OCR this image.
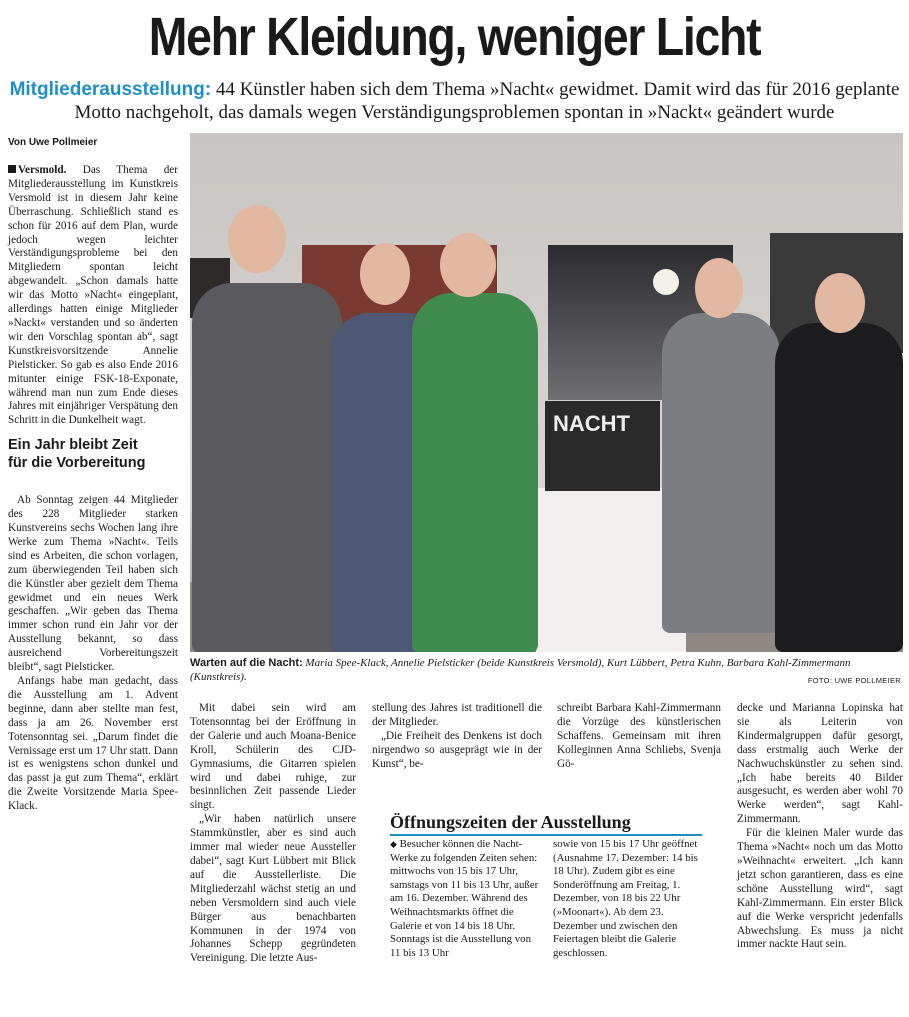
Mehr Kleidung, weniger Licht
Mitgliederausstellung: 44 Künstler haben sich dem Thema »Nacht« gewidmet. Damit wird das für 2016 geplante
Motto nachgeholt, das damals wegen Verständigungsproblemen spontan in »Nackt« geändert wurde
Von Uwe Pollmeier
NACHT
Warten auf die Nacht: Maria Spee-Klack, Annelie Pielsticker (beide Kunstkreis Versmold), Kurt Lübbert, Petra Kuhn, Barbara Kahl-Zimmermann (Kunstkreis).	FOTO: UWE POLLMEIER

Versmold. Das Thema der Mitgliederausstellung im Kunstkreis Versmold ist in diesem Jahr keine Überraschung. Schließlich stand es schon für 2016 auf dem Plan, wurde jedoch wegen leichter Verständigungsprobleme bei den Mitgliedern spontan leicht abgewandelt. „Schon damals hatte wir das Motto »Nacht« eingeplant, allerdings hatten einige Mitglieder »Nackt« verstanden und so änderten wir den Vorschlag spontan ab“, sagt Kunstkreisvorsitzende Annelie Pielsticker. So gab es also Ende 2016 mitunter einige FSK-18-Exponate, während man nun zum Ende dieses Jahres mit einjähriger Verspätung den Schritt in die Dunkelheit wagt.

Ein Jahr bleibt Zeit
für die Vorbereitung

Ab Sonntag zeigen 44 Mitglieder des 228 Mitglieder starken Kunstvereins sechs Wochen lang ihre Werke zum Thema »Nacht«. Teils sind es Arbeiten, die schon vorlagen, zum überwiegenden Teil haben sich die Künstler aber gezielt dem Thema gewidmet und ein neues Werk geschaffen. „Wir geben das Thema immer schon rund ein Jahr vor der Ausstellung bekannt, so dass ausreichend Vorbereitungszeit bleibt“, sagt Pielsticker.

Anfangs habe man gedacht, dass die Ausstellung am 1. Advent beginne, dann aber stellte man fest, dass ja am 26. November erst Totensonntag sei. „Darum findet die Vernissage erst um 17 Uhr statt. Dann ist es wenigstens schon dunkel und das passt ja gut zum Thema“, erklärt die Zweite Vorsitzende Maria Spee-Klack.

Mit dabei sein wird am Totensonntag bei der Eröffnung in der Galerie und auch Moana-Benice Kroll, Schülerin des CJD-Gymnasiums, die Gitarren spielen wird und dabei ruhige, zur besinnlichen Zeit passende Lieder singt.

„Wir haben natürlich unsere Stammkünstler, aber es sind auch immer mal wieder neue Aussteller dabei“, sagt Kurt Lübbert mit Blick auf die Ausstellerliste. Die Mitgliederzahl wächst stetig an und neben Versmoldern sind auch viele Bürger aus benachbarten Kommunen in der 1974 von Johannes Schepp gegründeten Vereinigung. Die letzte Aus-

stellung des Jahres ist traditionell die der Mitglieder.

„Die Freiheit des Denkens ist doch nirgendwo so ausgeprägt wie in der Kunst“, be-

schreibt Barbara Kahl-Zimmermann die Vorzüge des künstlerischen Schaffens. Gemeinsam mit ihren Kolleginnen Anna Schliebs, Svenja Gö-

decke und Marianna Lopinska hat sie als Leiterin von Kindermalgruppen dafür gesorgt, dass erstmalig auch Werke der Nachwuchskünstler zu sehen sind. „Ich habe bereits 40 Bilder ausgesucht, es werden aber wohl 70 Werke werden“, sagt Kahl-Zimmermann.

Für die kleinen Maler wurde das Thema »Nacht« noch um das Motto »Weihnacht« erweitert. „Ich kann jetzt schon garantieren, dass es eine schöne Ausstellung wird“, sagt Kahl-Zimmermann. Ein erster Blick auf die Werke verspricht jedenfalls Abwechslung. Es muss ja nicht immer nackte Haut sein.

Öffnungszeiten der Ausstellung
◆ Besucher können die Nacht-Werke zu folgenden Zeiten sehen: mittwochs von 15 bis 17 Uhr, samstags von 11 bis 13 Uhr, außer am 16. Dezember. Während des Weihnachtsmarkts öffnet die Galerie et von 14 bis 18 Uhr. Sonntags ist die Ausstellung von 11 bis 13 Uhr
sowie von 15 bis 17 Uhr geöffnet (Ausnahme 17. Dezember: 14 bis 18 Uhr). Zudem gibt es eine Sonderöffnung am Freitag, 1. Dezember, von 18 bis 22 Uhr (»Moonart«). Ab dem 23. Dezember und zwischen den Feiertagen bleibt die Galerie geschlossen.
